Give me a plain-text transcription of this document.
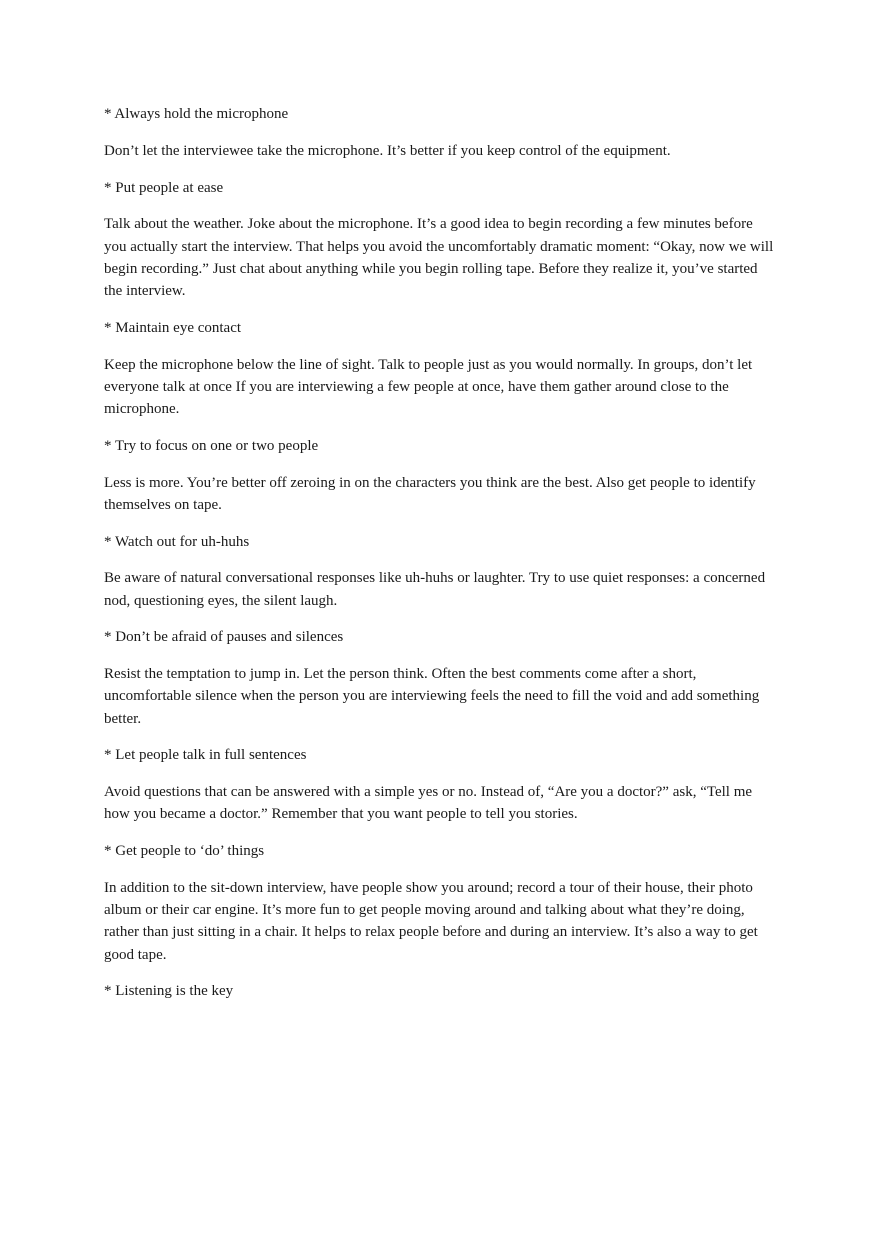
* Always hold the microphone

Don’t let the interviewee take the microphone. It’s better if you keep control of the equipment.

* Put people at ease

Talk about the weather. Joke about the microphone. It’s a good idea to begin recording a few minutes before you actually start the interview. That helps you avoid the uncomfortably dramatic moment: “Okay, now we will begin recording.” Just chat about anything while you begin rolling tape. Before they realize it, you’ve started the interview.

* Maintain eye contact

Keep the microphone below the line of sight. Talk to people just as you would normally. In groups, don’t let everyone talk at once If you are interviewing a few people at once, have them gather around close to the microphone.

* Try to focus on one or two people

Less is more. You’re better off zeroing in on the characters you think are the best. Also get people to identify themselves on tape.

* Watch out for uh-huhs

Be aware of natural conversational responses like uh-huhs or laughter. Try to use quiet responses: a concerned nod, questioning eyes, the silent laugh.

* Don’t be afraid of pauses and silences

Resist the temptation to jump in. Let the person think. Often the best comments come after a short, uncomfortable silence when the person you are interviewing feels the need to fill the void and add something better.

* Let people talk in full sentences

Avoid questions that can be answered with a simple yes or no. Instead of, “Are you a doctor?” ask, “Tell me how you became a doctor.” Remember that you want people to tell you stories.

* Get people to ‘do’ things

In addition to the sit-down interview, have people show you around; record a tour of their house, their photo album or their car engine. It’s more fun to get people moving around and talking about what they’re doing, rather than just sitting in a chair. It helps to relax people before and during an interview. It’s also a way to get good tape.

* Listening is the key
